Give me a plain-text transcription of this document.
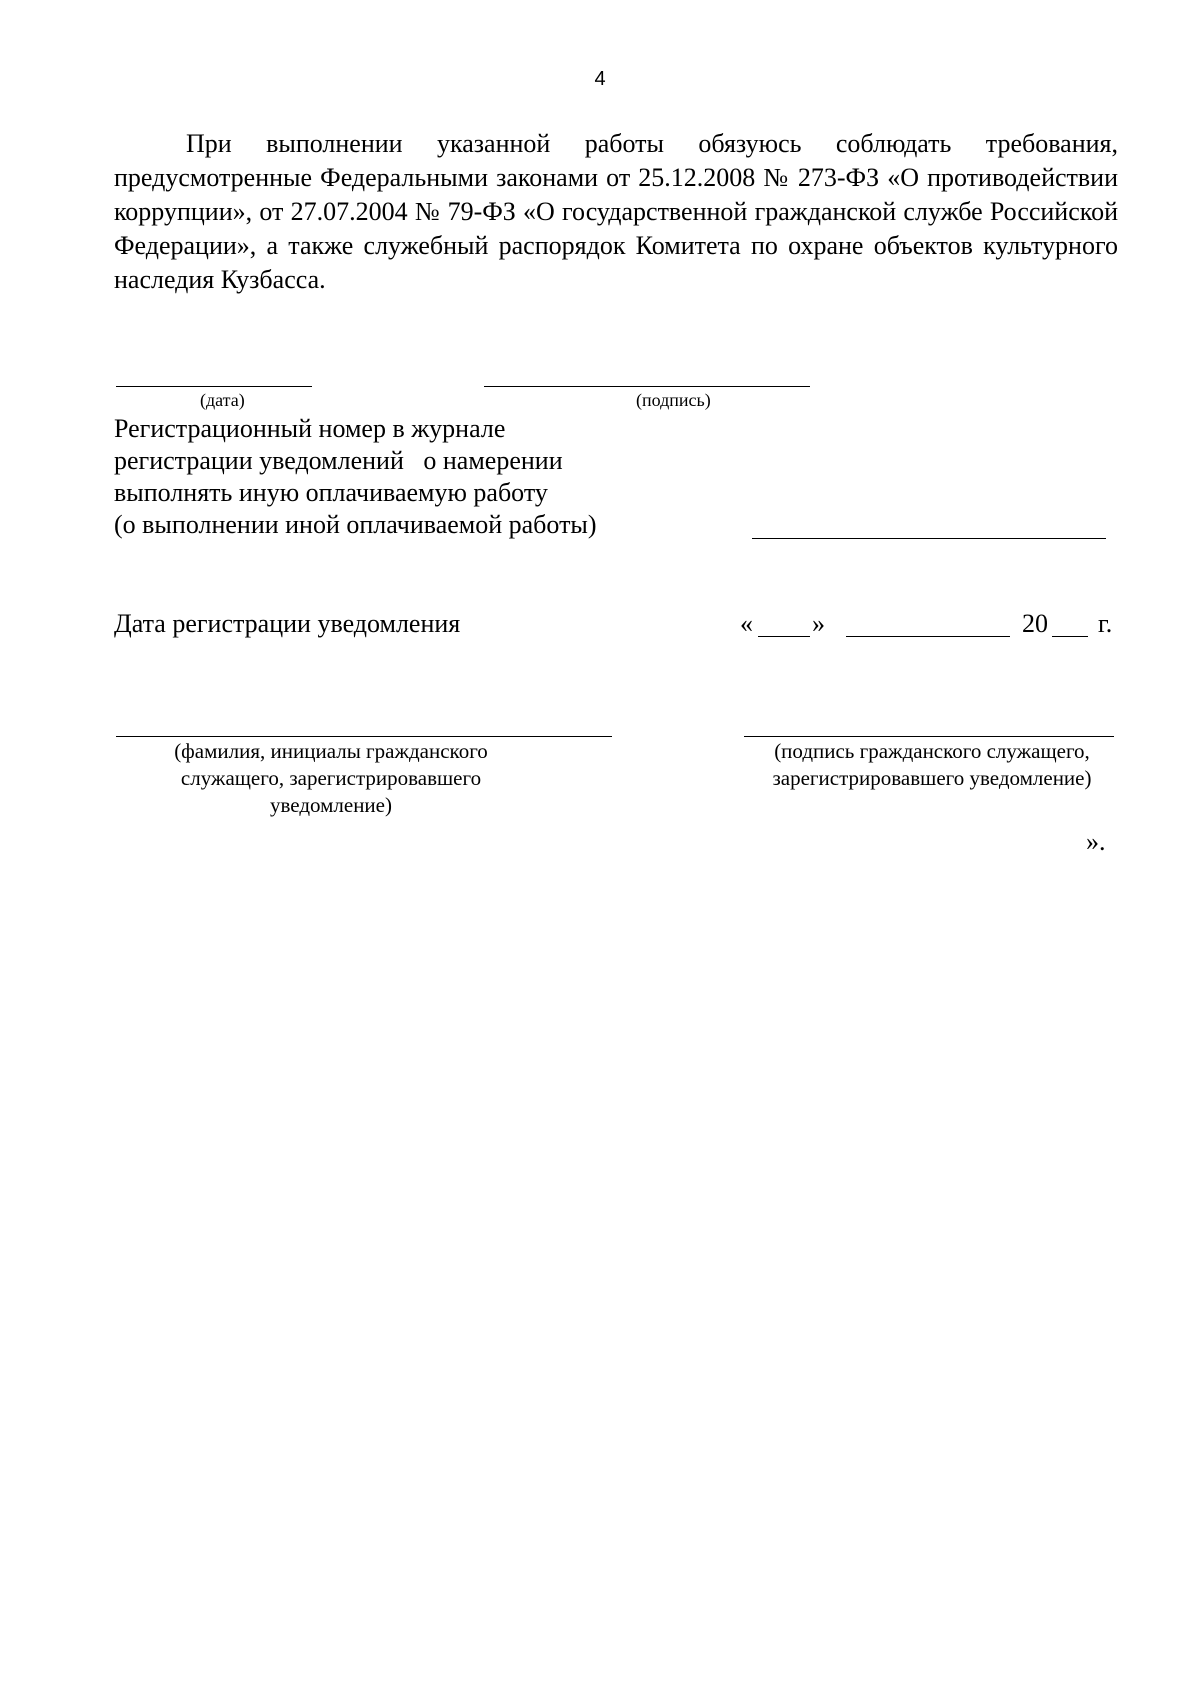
4

При выполнении указанной работы обязуюсь соблюдать требования, предусмотренные Федеральными законами от 25.12.2008 № 273-ФЗ «О противодействии коррупции», от 27.07.2004 № 79-ФЗ «О государственной гражданской службе Российской Федерации», а также служебный распорядок Комитета по охране объектов культурного наследия Кузбасса.

(дата)	(подпись)
Регистрационный номер в журнале
регистрации уведомлений   о намерении
выполнять иную оплачиваемую работу
(о выполнении иной оплачиваемой работы)
Дата регистрации уведомления	« »	20 г.
(фамилия, инициалы гражданского
служащего, зарегистрировавшего
уведомление)
(подпись гражданского служащего,
зарегистрировавшего уведомление)
».
